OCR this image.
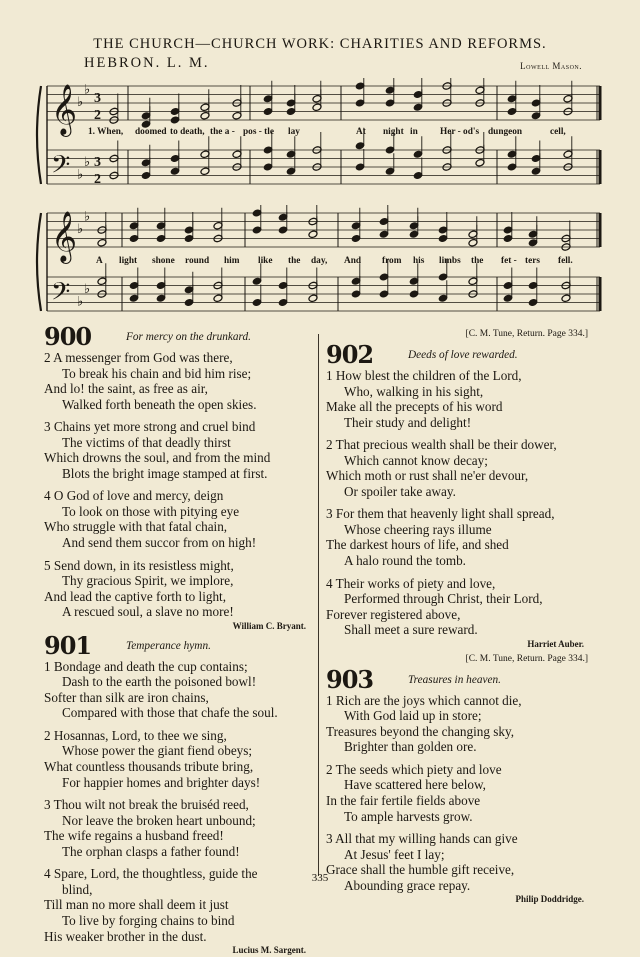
THE CHURCH—CHURCH WORK: CHARITIES AND REFORMS.
HEBRON. L. M.	Lowell Mason.
𝄞
𝄢
♭
♭
♭
♭
3
2
3
2
1. When, doomed to death, the a - pos - tle lay	At night in Her - od's dungeon	cell,
𝄞
𝄢
♭
♭
♭
♭
A light shone round him like the day, And from his limbs the fet - ters fell.
900	For mercy on the drunkard.
2 A messenger from God was there,
To break his chain and bid him rise;
And lo! the saint, as free as air,
Walked forth beneath the open skies.
3 Chains yet more strong and cruel bind
The victims of that deadly thirst
Which drowns the soul, and from the mind
Blots the bright image stamped at first.
4 O God of love and mercy, deign
To look on those with pitying eye
Who struggle with that fatal chain,
And send them succor from on high!
5 Send down, in its resistless might,
Thy gracious Spirit, we implore,
And lead the captive forth to light,
A rescued soul, a slave no more!
William C. Bryant.
901	Temperance hymn.
1 Bondage and death the cup contains;
Dash to the earth the poisoned bowl!
Softer than silk are iron chains,
Compared with those that chafe the soul.
2 Hosannas, Lord, to thee we sing,
Whose power the giant fiend obeys;
What countless thousands tribute bring,
For happier homes and brighter days!
3 Thou wilt not break the bruiséd reed,
Nor leave the broken heart unbound;
The wife regains a husband freed!
The orphan clasps a father found!
4 Spare, Lord, the thoughtless, guide the
blind,
Till man no more shall deem it just
To live by forging chains to bind
His weaker brother in the dust.
Lucius M. Sargent.
[C. M. Tune, Return. Page 334.]
902	Deeds of love rewarded.
1 How blest the children of the Lord,
Who, walking in his sight,
Make all the precepts of his word
Their study and delight!
2 That precious wealth shall be their dower,
Which cannot know decay;
Which moth or rust shall ne'er devour,
Or spoiler take away.
3 For them that heavenly light shall spread,
Whose cheering rays illume
The darkest hours of life, and shed
A halo round the tomb.
4 Their works of piety and love,
Performed through Christ, their Lord,
Forever registered above,
Shall meet a sure reward.
Harriet Auber.
[C. M. Tune, Return. Page 334.]
903	Treasures in heaven.
1 Rich are the joys which cannot die,
With God laid up in store;
Treasures beyond the changing sky,
Brighter than golden ore.
2 The seeds which piety and love
Have scattered here below,
In the fair fertile fields above
To ample harvests grow.
3 All that my willing hands can give
At Jesus' feet I lay;
Grace shall the humble gift receive,
Abounding grace repay.
Philip Doddridge.
335
